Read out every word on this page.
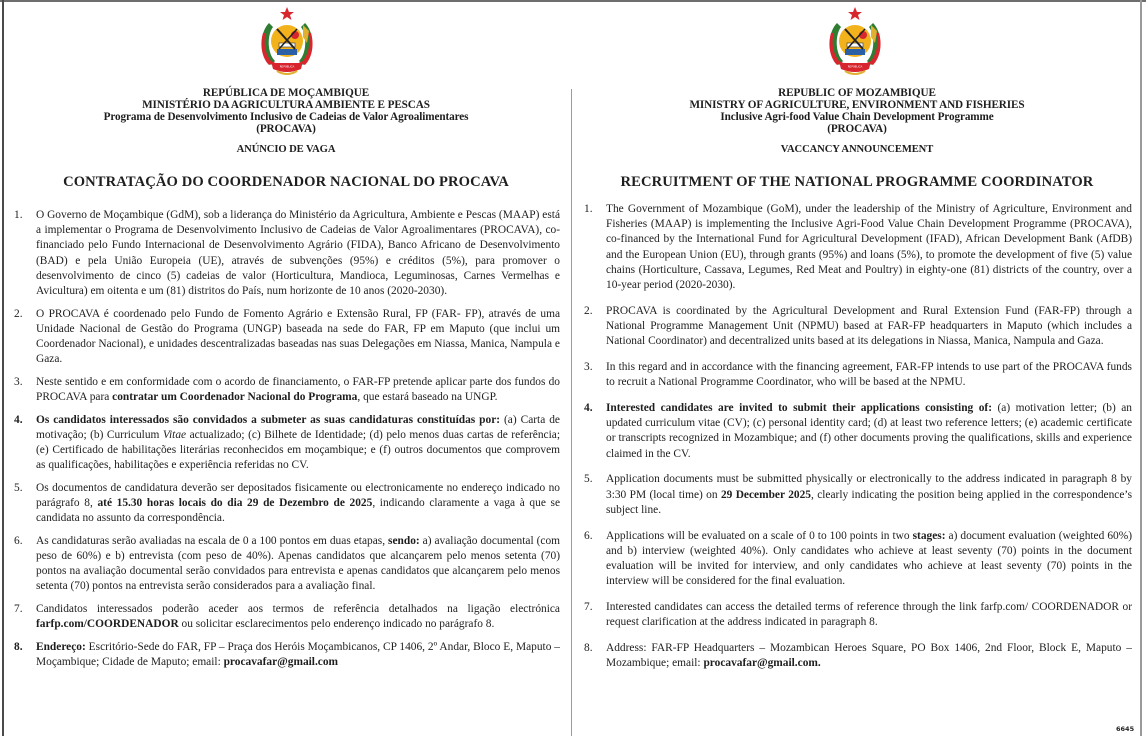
REPÚBLICA
REPÚBLICA DE MOÇAMBIQUE
MINISTÉRIO DA AGRICULTURA AMBIENTE E PESCAS
Programa de Desenvolvimento Inclusivo de Cadeias de Valor Agroalimentares
(PROCAVA)
ANÚNCIO DE VAGA
CONTRATAÇÃO DO COORDENADOR NACIONAL DO PROCAVA
1. O Governo de Moçambique (GdM), sob a liderança do Ministério da Agricultura, Ambiente e Pescas (MAAP) está a implementar o Programa de Desenvolvimento Inclusivo de Cadeias de Valor Agroalimentares (PROCAVA), co-financiado pelo Fundo Internacional de Desenvolvimento Agrário (FIDA), Banco Africano de Desenvolvimento (BAD) e pela União Europeia (UE), através de subvenções (95%) e créditos (5%), para promover o desenvolvimento de cinco (5) cadeias de valor (Horticultura, Mandioca, Leguminosas, Carnes Vermelhas e Avicultura) em oitenta e um (81) distritos do País, num horizonte de 10 anos (2020-2030).
2. O PROCAVA é coordenado pelo Fundo de Fomento Agrário e Extensão Rural, FP (FAR- FP), através de uma Unidade Nacional de Gestão do Programa (UNGP) baseada na sede do FAR, FP em Maputo (que inclui um Coordenador Nacional), e unidades descentralizadas baseadas nas suas Delegações em Niassa, Manica, Nampula e Gaza.
3. Neste sentido e em conformidade com o acordo de financiamento, o FAR-FP pretende aplicar parte dos fundos do PROCAVA para contratar um Coordenador Nacional do Programa, que estará baseado na UNGP.
4. Os candidatos interessados são convidados a submeter as suas candidaturas constituídas por: (a) Carta de motivação; (b) Curriculum Vitae actualizado; (c) Bilhete de Identidade; (d) pelo menos duas cartas de referência; (e) Certificado de habilitações literárias reconhecidos em moçambique; e (f) outros documentos que comprovem as qualificações, habilitações e experiência referidas no CV.
5. Os documentos de candidatura deverão ser depositados fisicamente ou electronicamente no endereço indicado no parágrafo 8, até 15.30 horas locais do dia 29 de Dezembro de 2025, indicando claramente a vaga à que se candidata no assunto da correspondência.
6. As candidaturas serão avaliadas na escala de 0 a 100 pontos em duas etapas, sendo: a) avaliação documental (com peso de 60%) e b) entrevista (com peso de 40%). Apenas candidatos que alcançarem pelo menos setenta (70) pontos na avaliação documental serão convidados para entrevista e apenas candidatos que alcançarem pelo menos setenta (70) pontos na entrevista serão considerados para a avaliação final.
7. Candidatos interessados poderão aceder aos termos de referência detalhados na ligação electrónica farfp.com/COORDENADOR ou solicitar esclarecimentos pelo enderenço indicado no parágrafo 8.
8. Endereço: Escritório-Sede do FAR, FP – Praça dos Heróis Moçambicanos, CP 1406, 2º Andar, Bloco E, Maputo – Moçambique; Cidade de Maputo; email: procavafar@gmail.com
REPÚBLICA
REPUBLIC OF MOZAMBIQUE
MINISTRY OF AGRICULTURE, ENVIRONMENT AND FISHERIES
Inclusive Agri-food Value Chain Development Programme
(PROCAVA)
VACCANCY ANNOUNCEMENT
RECRUITMENT OF THE NATIONAL PROGRAMME COORDINATOR
1. The Government of Mozambique (GoM), under the leadership of the Ministry of Agriculture, Environment and Fisheries (MAAP) is implementing the Inclusive Agri-Food Value Chain Development Programme (PROCAVA), co-financed by the International Fund for Agricultural Development (IFAD), African Development Bank (AfDB) and the European Union (EU), through grants (95%) and loans (5%), to promote the development of five (5) value chains (Horticulture, Cassava, Legumes, Red Meat and Poultry) in eighty-one (81) districts of the country, over a 10-year period (2020-2030).
2. PROCAVA is coordinated by the Agricultural Development and Rural Extension Fund (FAR-FP) through a National Programme Management Unit (NPMU) based at FAR-FP headquarters in Maputo (which includes a National Coordinator) and decentralized units based at its delegations in Niassa, Manica, Nampula and Gaza.
3. In this regard and in accordance with the financing agreement, FAR-FP intends to use part of the PROCAVA funds to recruit a National Programme Coordinator, who will be based at the NPMU.
4. Interested candidates are invited to submit their applications consisting of: (a) motivation letter; (b) an updated curriculum vitae (CV); (c) personal identity card; (d) at least two reference letters; (e) academic certificate or transcripts recognized in Mozambique; and (f) other documents proving the qualifications, skills and experience claimed in the CV.
5. Application documents must be submitted physically or electronically to the address indicated in paragraph 8 by 3:30 PM (local time) on 29 December 2025, clearly indicating the position being applied in the correspondence’s subject line.
6. Applications will be evaluated on a scale of 0 to 100 points in two stages: a) document evaluation (weighted 60%) and b) interview (weighted 40%). Only candidates who achieve at least seventy (70) points in the document evaluation will be invited for interview, and only candidates who achieve at least seventy (70) points in the interview will be considered for the final evaluation.
7. Interested candidates can access the detailed terms of reference through the link farfp.com/ COORDENADOR or request clarification at the address indicated in paragraph 8.
8. Address: FAR-FP Headquarters – Mozambican Heroes Square, PO Box 1406, 2nd Floor, Block E, Maputo – Mozambique; email: procavafar@gmail.com.
6645
